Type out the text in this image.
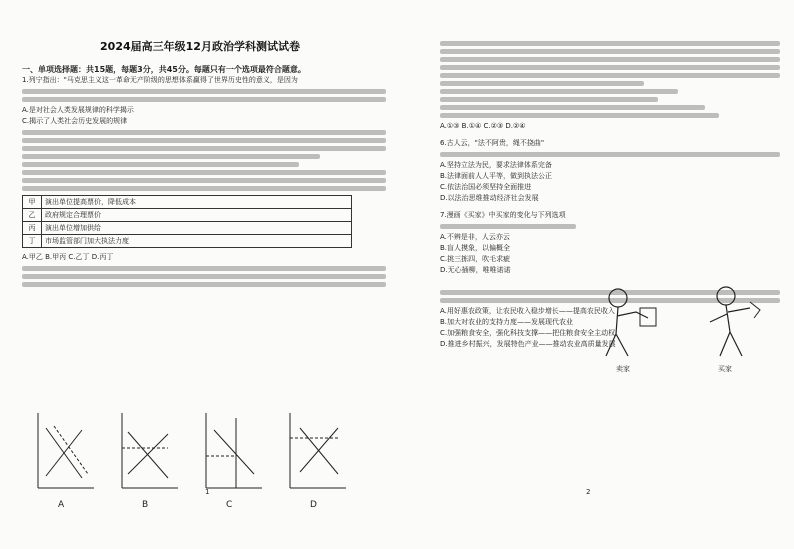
2024届高三年级12月政治学科测试试卷
一、单项选择题：共15题，每题3分，共45分。每题只有一个选项最符合题意。
1.列宁指出："马克思主义这一革命无产阶级的思想体系赢得了世界历史性的意义，是因为
A.是对社会人类发展规律的科学揭示
C.揭示了人类社会历史发展的规律
甲	演出单位提高票价，降低成本
乙	政府规定合理票价
丙	演出单位增加供给
丁	市场监管部门加大执法力度
A.甲乙 B.甲丙 C.乙丁 D.丙丁
1
A	B	C	D
A.①③ B.①④ C.②③ D.②④
6.古人云，"法不阿贵，绳不挠曲"
A.坚持立法为民，要求法律体系完备
B.法律面前人人平等，做到执法公正
C.依法治国必须坚持全面推进
D.以法治思维推动经济社会发展
7.漫画《买家》中买家的变化与下列选项
A.不辨是非，人云亦云
B.盲人摸象，以偏概全
C.挑三拣四，吹毛求疵
D.无心插柳，唯唯诺诺
A.用好惠农政策，让农民收入稳步增长——提高农民收入
B.加大对农业的支持力度——发展现代农业
C.加强粮食安全，强化科技支撑——把住粮食安全主动权
D.推进乡村振兴，发展特色产业——推动农业高质量发展
2
卖家	买家
